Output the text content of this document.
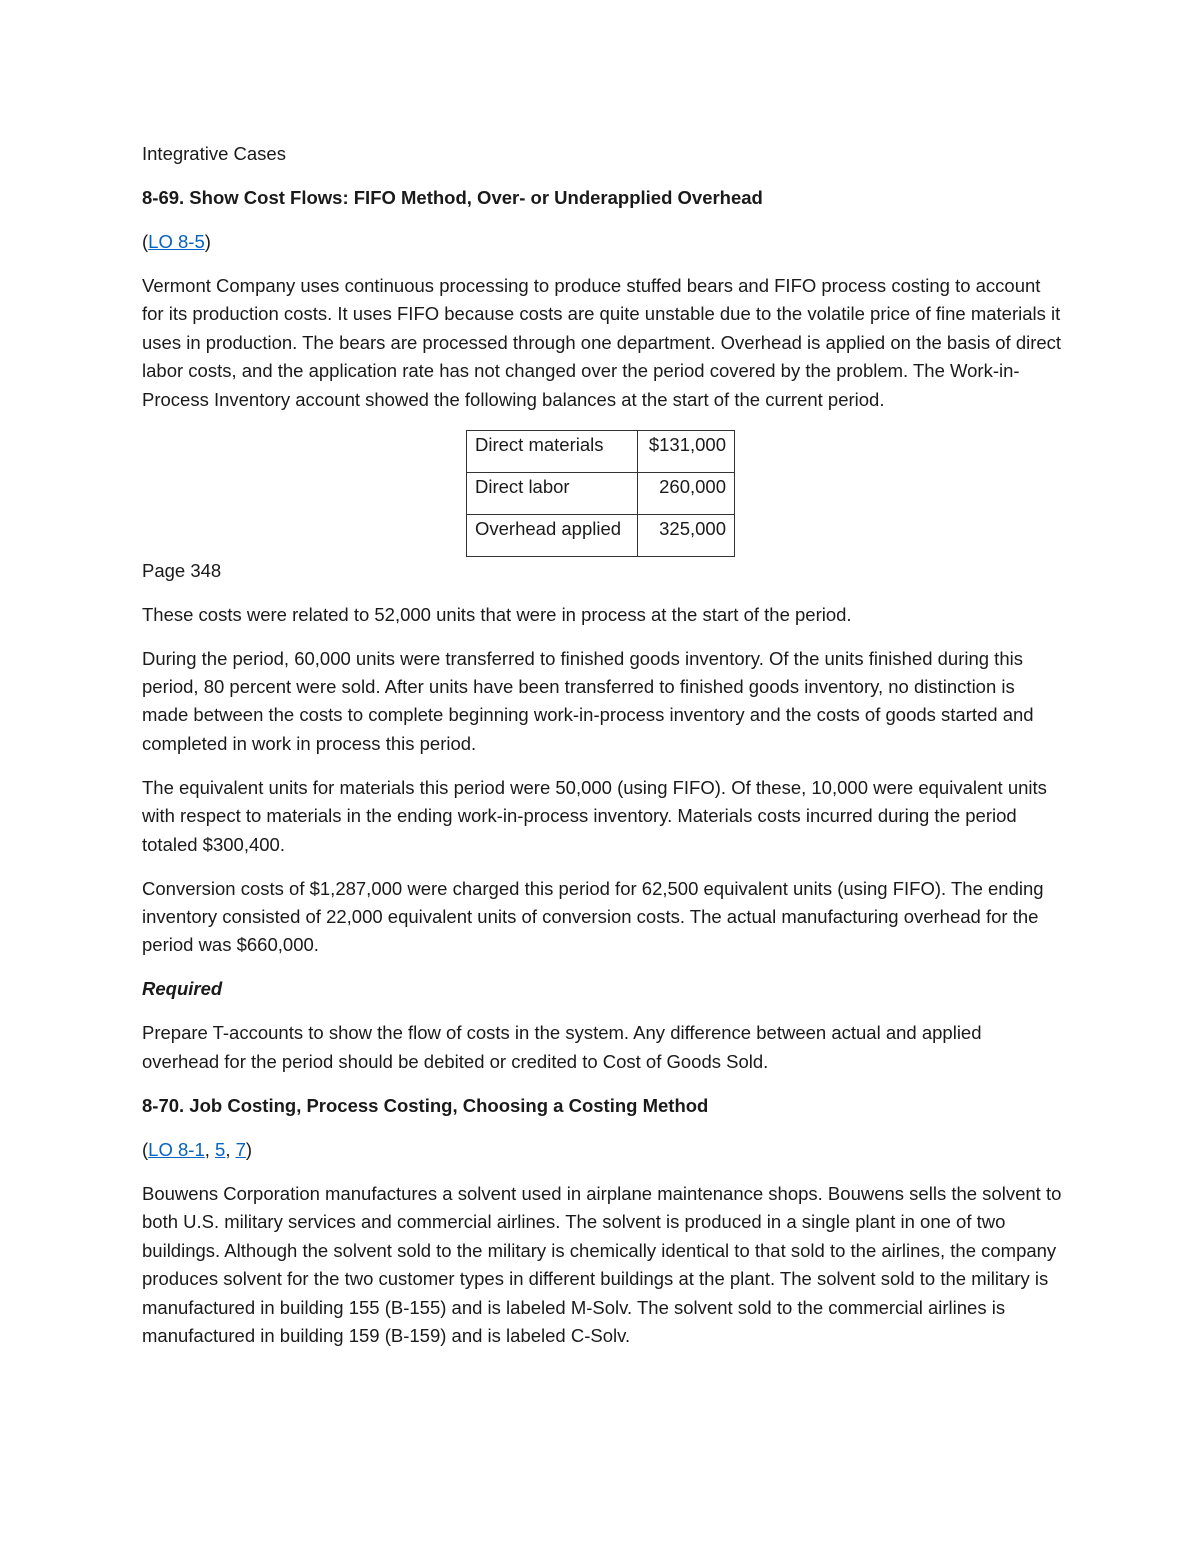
Integrative Cases

8-69. Show Cost Flows: FIFO Method, Over- or Underapplied Overhead

(LO 8-5)

Vermont Company uses continuous processing to produce stuffed bears and FIFO process costing to account for its production costs. It uses FIFO because costs are quite unstable due to the volatile price of fine materials it uses in production. The bears are processed through one department. Overhead is applied on the basis of direct labor costs, and the application rate has not changed over the period covered by the problem. The Work-in-Process Inventory account showed the following balances at the start of the current period.

Direct materials	$131,000
Direct labor	260,000
Overhead applied	325,000

Page 348

These costs were related to 52,000 units that were in process at the start of the period.

During the period, 60,000 units were transferred to finished goods inventory. Of the units finished during this period, 80 percent were sold. After units have been transferred to finished goods inventory, no distinction is made between the costs to complete beginning work-in-process inventory and the costs of goods started and completed in work in process this period.

The equivalent units for materials this period were 50,000 (using FIFO). Of these, 10,000 were equivalent units with respect to materials in the ending work-in-process inventory. Materials costs incurred during the period totaled $300,400.

Conversion costs of $1,287,000 were charged this period for 62,500 equivalent units (using FIFO). The ending inventory consisted of 22,000 equivalent units of conversion costs. The actual manufacturing overhead for the period was $660,000.

Required

Prepare T-accounts to show the flow of costs in the system. Any difference between actual and applied overhead for the period should be debited or credited to Cost of Goods Sold.

8-70. Job Costing, Process Costing, Choosing a Costing Method

(LO 8-1, 5, 7)

Bouwens Corporation manufactures a solvent used in airplane maintenance shops. Bouwens sells the solvent to both U.S. military services and commercial airlines. The solvent is produced in a single plant in one of two buildings. Although the solvent sold to the military is chemically identical to that sold to the airlines, the company produces solvent for the two customer types in different buildings at the plant. The solvent sold to the military is manufactured in building 155 (B-155) and is labeled M-Solv. The solvent sold to the commercial airlines is manufactured in building 159 (B-159) and is labeled C-Solv.
